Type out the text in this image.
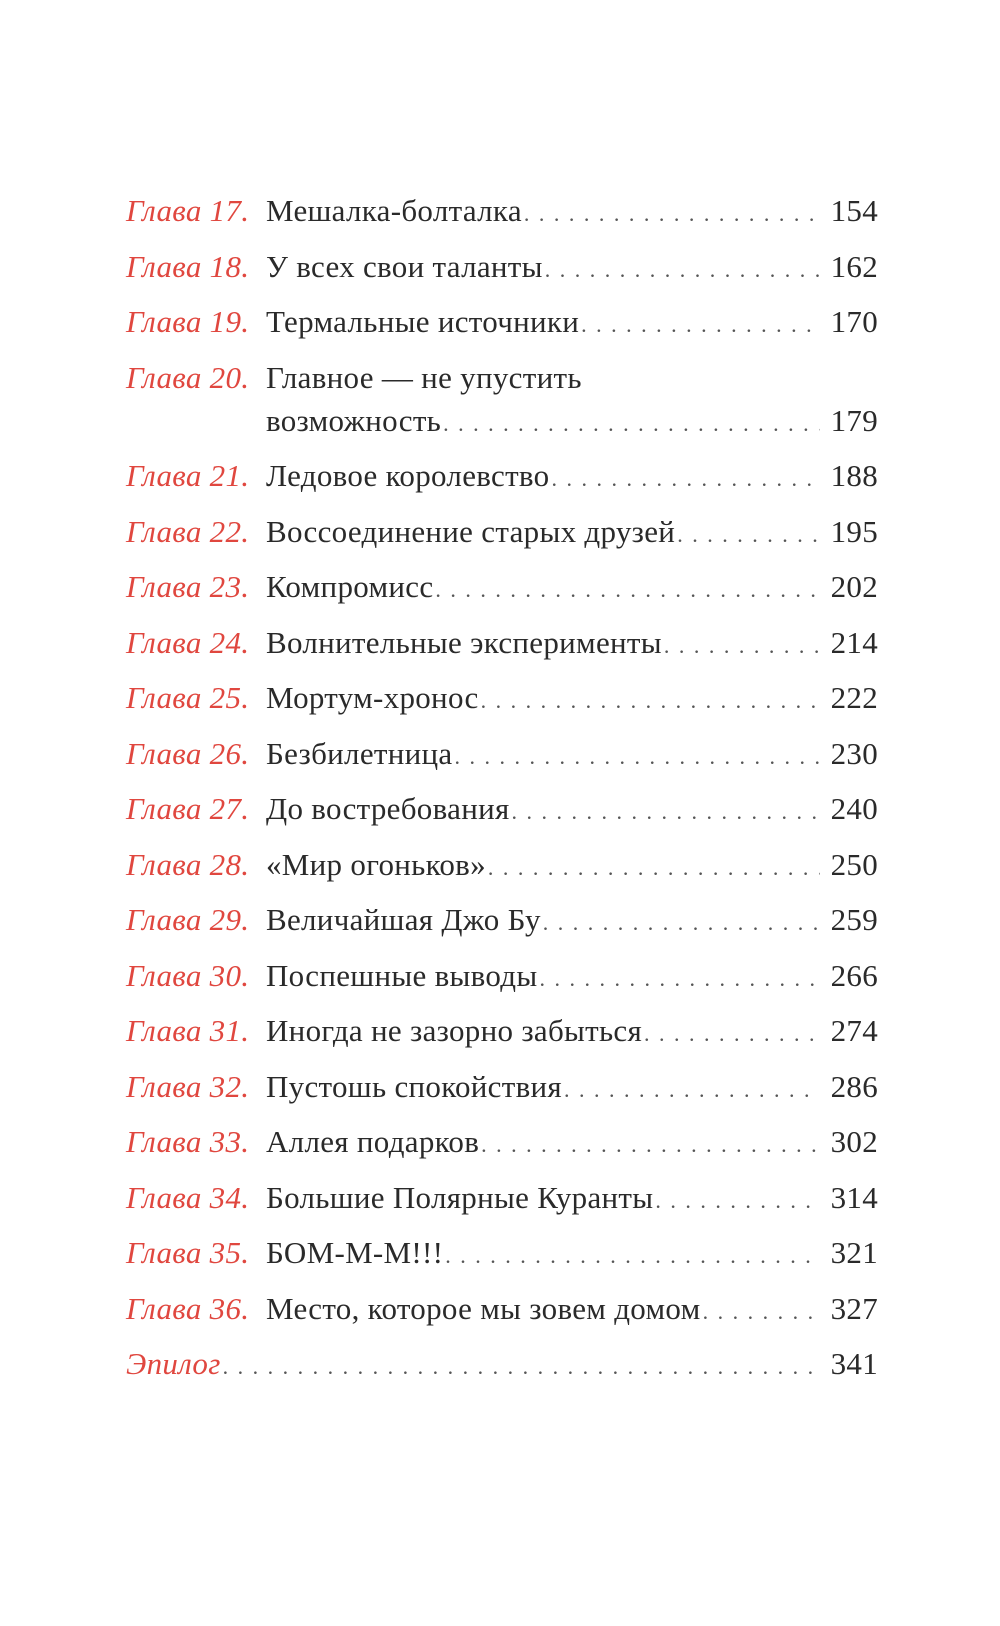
Глава 17. Мешалка-болталка . . .	154
Глава 18. У всех свои таланты . . .	162
Глава 19. Термальные источники . . .	170
Глава 20. Главное — не упустить
возможность . . .	179
Глава 21. Ледовое королевство . . .	188
Глава 22. Воссоединение старых друзей . . .	195
Глава 23. Компромисс . . .	202
Глава 24. Волнительные эксперименты . . .	214
Глава 25. Мортум-хронос . . .	222
Глава 26. Безбилетница . . .	230
Глава 27. До востребования . . .	240
Глава 28. «Мир огоньков» . . .	250
Глава 29. Величайшая Джо Бу . . .	259
Глава 30. Поспешные выводы . . .	266
Глава 31. Иногда не зазорно забыться . . .	274
Глава 32. Пустошь спокойствия . . .	286
Глава 33. Аллея подарков . . .	302
Глава 34. Большие Полярные Куранты . . .	314
Глава 35. БОМ-М-М!!! . . .	321
Глава 36. Место, которое мы зовем домом . . .	327
Эпилог . . .	341
